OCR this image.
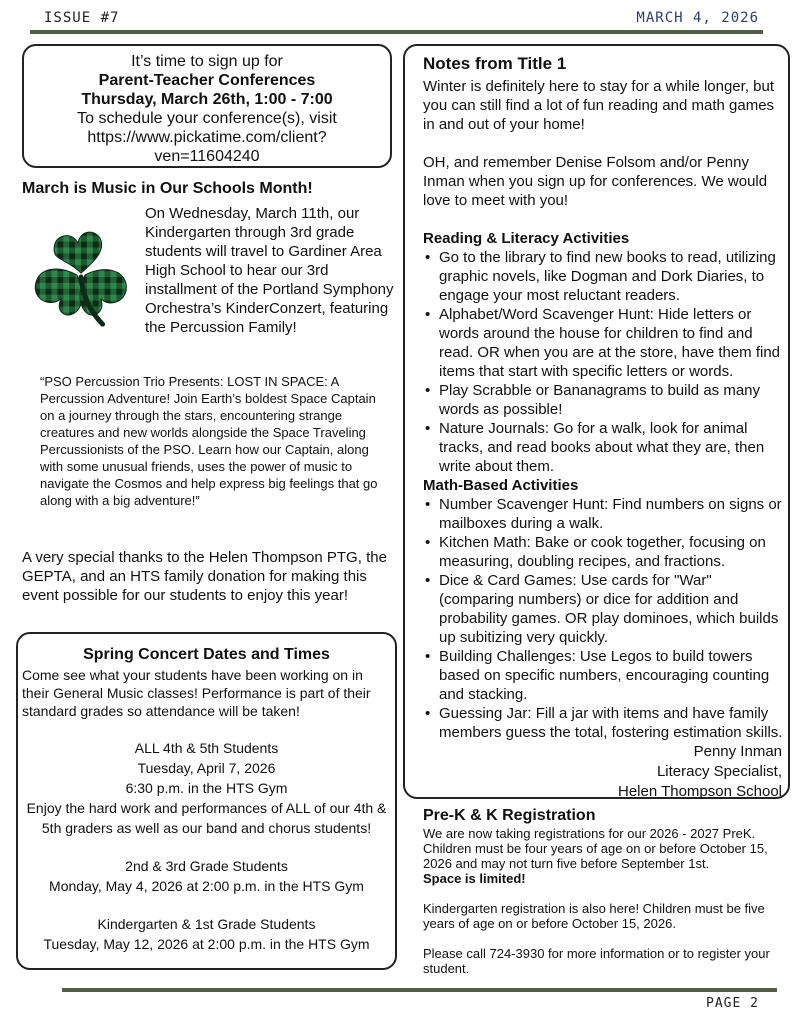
ISSUE #7	MARCH 4, 2026
It’s time to sign up for
Parent-Teacher Conferences
Thursday, March 26th, 1:00 - 7:00
To schedule your conference(s), visit
https://www.pickatime.com/client?
ven=11604240
March is Music in Our Schools Month!
On Wednesday, March 11th, our Kindergarten through 3rd grade students will travel to Gardiner Area High School to hear our 3rd installment of the Portland Symphony Orchestra’s KinderConzert, featuring the Percussion Family!
“PSO Percussion Trio Presents: LOST IN SPACE: A Percussion Adventure! Join Earth’s boldest Space Captain on a journey through the stars, encountering strange creatures and new worlds alongside the Space Traveling Percussionists of the PSO. Learn how our Captain, along with some unusual friends, uses the power of music to navigate the Cosmos and help express big feelings that go along with a big adventure!”
A very special thanks to the Helen Thompson PTG, the GEPTA, and an HTS family donation for making this event possible for our students to enjoy this year!
Spring Concert Dates and Times
Come see what your students have been working on in their General Music classes! Performance is part of their standard grades so attendance will be taken!
ALL 4th & 5th Students
Tuesday, April 7, 2026
6:30 p.m. in the HTS Gym
Enjoy the hard work and performances of ALL of our 4th & 5th graders as well as our band and chorus students!
2nd & 3rd Grade Students
Monday, May 4, 2026 at 2:00 p.m. in the HTS Gym
Kindergarten & 1st Grade Students
Tuesday, May 12, 2026 at 2:00 p.m. in the HTS Gym
Notes from Title 1

Winter is definitely here to stay for a while longer, but you can still find a lot of fun reading and math games in and out of your home!

OH, and remember Denise Folsom and/or Penny Inman when you sign up for conferences. We would love to meet with you!

Reading & Literacy Activities

• Go to the library to find new books to read, utilizing graphic novels, like Dogman and Dork Diaries, to engage your most reluctant readers.
• Alphabet/Word Scavenger Hunt: Hide letters or words around the house for children to find and read. OR when you are at the store, have them find items that start with specific letters or words.
• Play Scrabble or Bananagrams to build as many words as possible!
• Nature Journals: Go for a walk, look for animal tracks, and read books about what they are, then write about them.

Math-Based Activities

• Number Scavenger Hunt: Find numbers on signs or mailboxes during a walk.
• Kitchen Math: Bake or cook together, focusing on measuring, doubling recipes, and fractions.
• Dice & Card Games: Use cards for "War" (comparing numbers) or dice for addition and probability games. OR play dominoes, which builds up subitizing very quickly.
• Building Challenges: Use Legos to build towers based on specific numbers, encouraging counting and stacking.
• Guessing Jar: Fill a jar with items and have family members guess the total, fostering estimation skills.
Penny Inman
Literacy Specialist,
Helen Thompson School
Pre-K & K Registration

We are now taking registrations for our 2026 - 2027 PreK. Children must be four years of age on or before October 15, 2026 and may not turn five before September 1st.
Space is limited!

Kindergarten registration is also here! Children must be five years of age on or before October 15, 2026.

Please call 724-3930 for more information or to register your student.

PAGE 2
